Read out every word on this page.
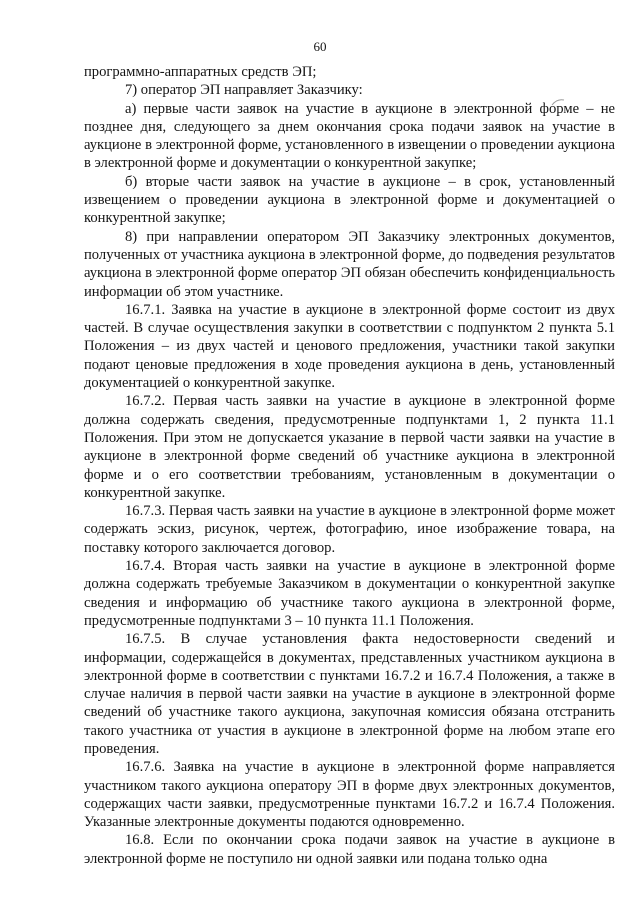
60

программно-аппаратных средств ЭП;

7) оператор ЭП направляет Заказчику:

а) первые части заявок на участие в аукционе в электронной форме – не позднее дня, следующего за днем окончания срока подачи заявок на участие в аукционе в электронной форме, установленного в извещении о проведении аукциона в электронной форме и документации о конкурентной закупке;

б) вторые части заявок на участие в аукционе – в срок, установленный извещением о проведении аукциона в электронной форме и документацией о конкурентной закупке;

8) при направлении оператором ЭП Заказчику электронных документов, полученных от участника аукциона в электронной форме, до подведения результатов аукциона в электронной форме оператор ЭП обязан обеспечить конфиденциальность информации об этом участнике.

16.7.1. Заявка на участие в аукционе в электронной форме состоит из двух частей. В случае осуществления закупки в соответствии с подпунктом 2 пункта 5.1 Положения – из двух частей и ценового предложения, участники такой закупки подают ценовые предложения в ходе проведения аукциона в день, установленный документацией о конкурентной закупке.

16.7.2. Первая часть заявки на участие в аукционе в электронной форме должна содержать сведения, предусмотренные подпунктами 1, 2 пункта 11.1 Положения. При этом не допускается указание в первой части заявки на участие в аукционе в электронной форме сведений об участнике аукциона в электронной форме и о его соответствии требованиям, установленным в документации о конкурентной закупке.

16.7.3. Первая часть заявки на участие в аукционе в электронной форме может содержать эскиз, рисунок, чертеж, фотографию, иное изображение товара, на поставку которого заключается договор.

16.7.4. Вторая часть заявки на участие в аукционе в электронной форме должна содержать требуемые Заказчиком в документации о конкурентной закупке сведения и информацию об участнике такого аукциона в электронной форме, предусмотренные подпунктами 3 – 10 пункта 11.1 Положения.

16.7.5. В случае установления факта недостоверности сведений и информации, содержащейся в документах, представленных участником аукциона в электронной форме в соответствии с пунктами 16.7.2 и 16.7.4 Положения, а также в случае наличия в первой части заявки на участие в аукционе в электронной форме сведений об участнике такого аукциона, закупочная комиссия обязана отстранить такого участника от участия в аукционе в электронной форме на любом этапе его проведения.

16.7.6. Заявка на участие в аукционе в электронной форме направляется участником такого аукциона оператору ЭП в форме двух электронных документов, содержащих части заявки, предусмотренные пунктами 16.7.2 и 16.7.4 Положения. Указанные электронные документы подаются одновременно.

16.8. Если по окончании срока подачи заявок на участие в аукционе в электронной форме не поступило ни одной заявки или подана только одна
